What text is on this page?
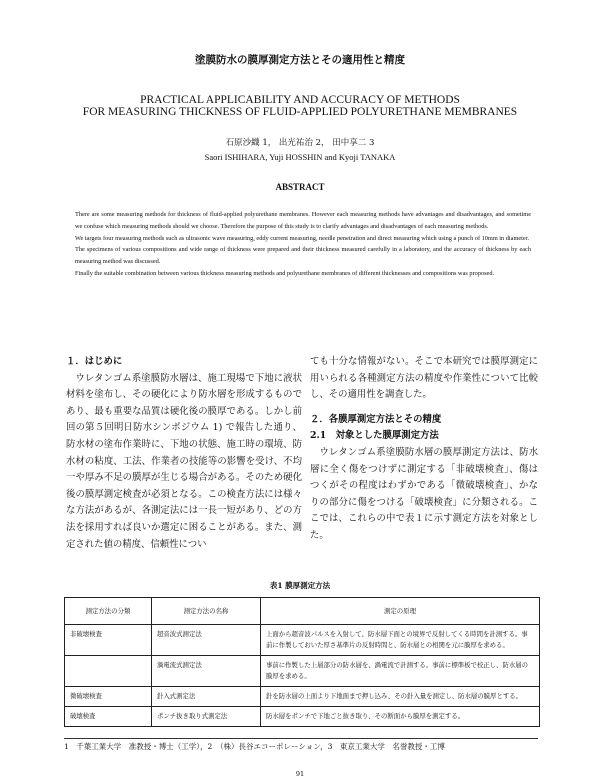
塗膜防水の膜厚測定方法とその適用性と精度
PRACTICAL APPLICABILITY AND ACCURACY OF METHODS
FOR MEASURING THICKNESS OF FLUID-APPLIED POLYURETHANE MEMBRANES
石原沙織 1， 出光祐治 2， 田中享二 3
Saori ISHIHARA, Yuji HOSSHIN and Kyoji TANAKA
ABSTRACT

There are some measuring methods for thickness of fluid-applied polyurethane membranes. However each measuring methods have advantages and disadvantages, and sometime we confuse which measuring methods should we choose. Therefore the purpose of this study is to clarify advantages and disadvantages of each measuring methods.

We targets four measuring methods such as ultrasonic wave measuring, eddy current measuring, needle penetration and direct measuring which using a punch of 10mm in diameter.

The specimens of various compositions and wide range of thickness were prepared and their thickness measured carefully in a laboratory, and the accuracy of thickness by each measuring method was discussed.

Finally the suitable combination between various thickness measuring methods and polyurethane membranes of different thicknesses and compositions was proposed.

１．はじめに

　ウレタンゴム系塗膜防水層は、施工現場で下地に液状材料を塗布し、その硬化により防水層を形成するものであり、最も重要な品質は硬化後の膜厚である。しかし前回の第５回明日防水シンポジウム 1) で報告した通り、防水材の塗布作業時に、下地の状態、施工時の環境、防水材の粘度、工法、作業者の技能等の影響を受け、不均一や厚み不足の膜厚が生じる場合がある。そのため硬化後の膜厚測定検査が必須となる。この検査方法には様々な方法があるが、各測定法には一長一短があり、どの方法を採用すれば良いか選定に困ることがある。また、測定された値の精度、信頼性につい

ても十分な情報がない。そこで本研究では膜厚測定に用いられる各種測定方法の精度や作業性について比較し、その適用性を調査した。

２．各膜厚測定方法とその精度

2.1　対象とした膜厚測定方法

　ウレタンゴム系塗膜防水層の膜厚測定方法は、防水層に全く傷をつけずに測定する「非破壊検査」、傷はつくがその程度はわずかである「微破壊検査」、かなりの部分に傷をつける「破壊検査」に分類される。ここでは、これらの中で表１に示す測定方法を対象とした。

表1 膜厚測定方法
測定方法の分類	測定方法の名称	測定の原理
非破壊検査	超音波式測定法	上面から超音波パルスを入射して、防水層下面との境界で反射してくる時間を計測する。事前に作製しておいた厚さ基準片の反射時間と、防水層との相関を元に膜厚を求める。
	渦電流式測定法	事前に作製した上層部分の防水層を、渦電流で計測する。事前に標準板で校正し、防水層の膜厚を求める。
微破壊検査	針入式測定法	針を防水層の上面より下地面まで押し込み、その針入量を測定し、防水層の膜厚とする。
破壊検査	ポンチ抜き取り式測定法	防水層をポンチで下地ごと抜き取り、その断面から膜厚を測定する。
1　千葉工業大学　准教授・博士（工学），2　（株）長谷エコーポレーション，3　東京工業大学　名誉教授・工博
91
